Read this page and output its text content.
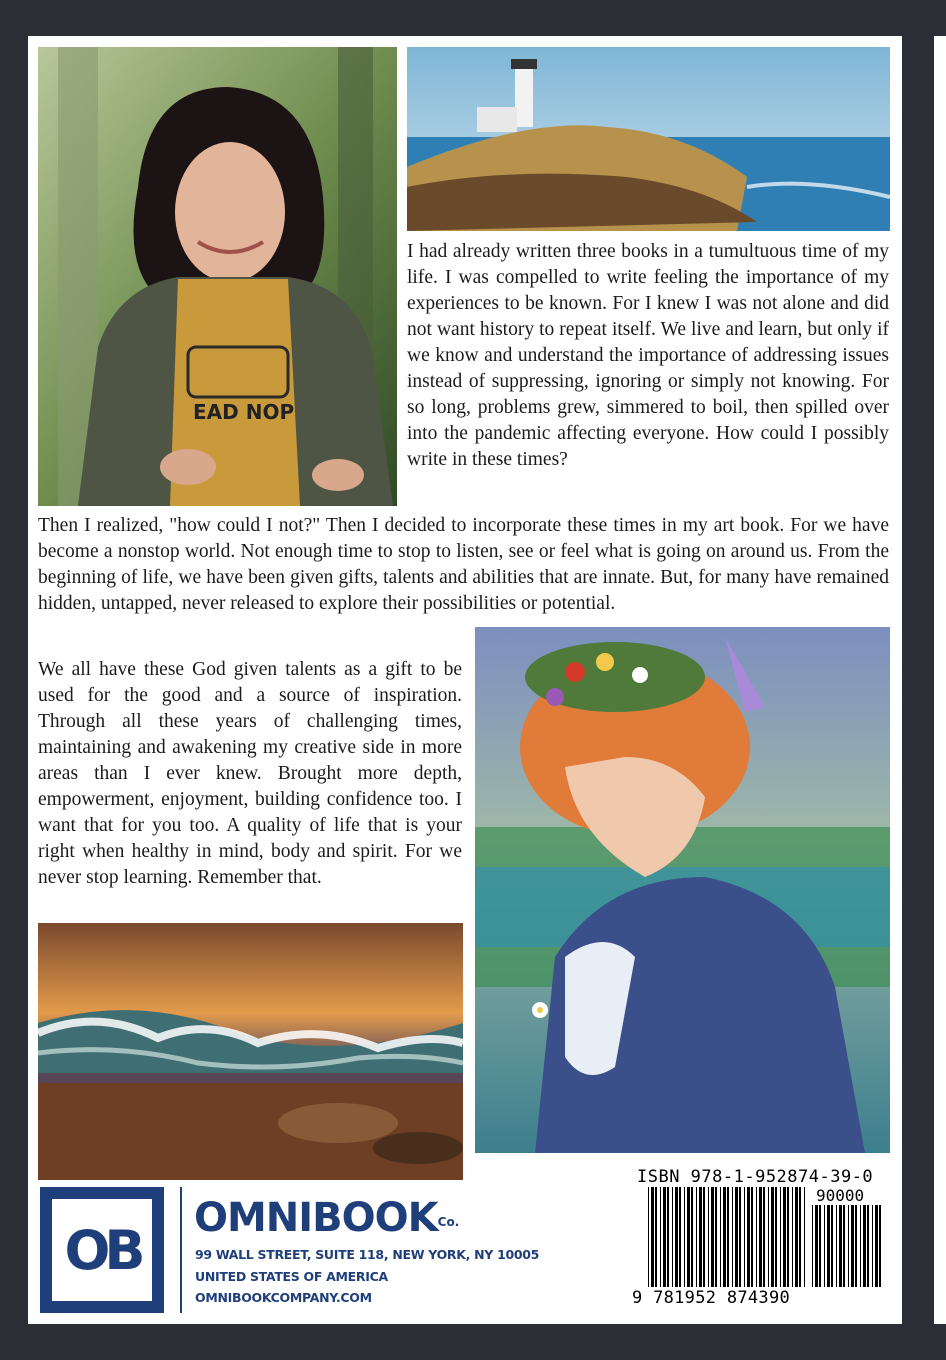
EAD NOP

I had already written three books in a tumultuous time of my life. I was compelled to write feeling the importance of my experiences to be known. For I knew I was not alone and did not want history to repeat itself. We live and learn, but only if we know and understand the importance of addressing issues instead of suppressing, ignoring or simply not knowing. For so long, problems grew, simmered to boil, then spilled over into the pandemic affecting everyone. How could I possibly write in these times?

Then I realized, "how could I not?" Then I decided to incorporate these times in my art book. For we have become a nonstop world. Not enough time to stop to listen, see or feel what is going on around us. From the beginning of life, we have been given gifts, talents and abilities that are innate. But, for many have remained hidden, untapped, never released to explore their possibilities or potential.

We all have these God given talents as a gift to be used for the good and a source of inspiration. Through all these years of challenging times, maintaining and awakening my creative side in more areas than I ever knew. Brought more depth, empowerment, enjoyment, building confidence too. I want that for you too. A quality of life that is your right when healthy in mind, body and spirit. For we never stop learning. Remember that.

OB
$OMNIBOOK^{Co.}$
99 WALL STREET, SUITE 118, NEW YORK, NY 10005
UNITED STATES OF AMERICA
OMNIBOOKCOMPANY.COM
ISBN 978-1-952874-39-0
90000
9 781952 874390
